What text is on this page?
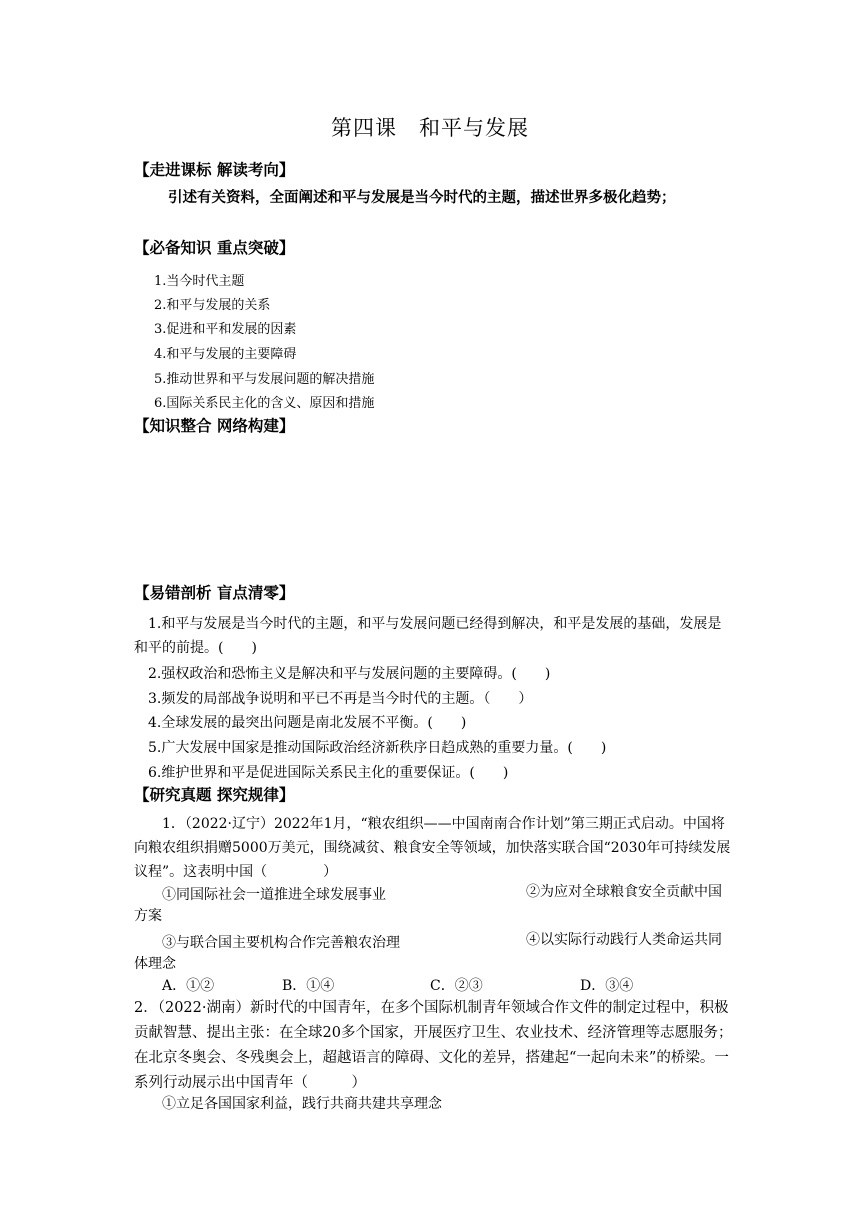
第四课　和平与发展
【走进课标 解读考向】
引述有关资料，全面阐述和平与发展是当今时代的主题，描述世界多极化趋势；
【必备知识 重点突破】
1.当今时代主题
2.和平与发展的关系
3.促进和平和发展的因素
4.和平与发展的主要障碍
5.推动世界和平与发展问题的解决措施
6.国际关系民主化的含义、原因和措施
【知识整合 网络构建】
【易错剖析 盲点清零】
1.和平与发展是当今时代的主题，和平与发展问题已经得到解决，和平是发展的基础，发展是和平的前提。(　　)
2.强权政治和恐怖主义是解决和平与发展问题的主要障碍。(　　)
3.频发的局部战争说明和平已不再是当今时代的主题。（　　）
4.全球发展的最突出问题是南北发展不平衡。(　　)
5.广大发展中国家是推动国际政治经济新秩序日趋成熟的重要力量。(　　)
6.维护世界和平是促进国际关系民主化的重要保证。(　　)
【研究真题 探究规律】
1．（2022·辽宁）2022年1月，“粮农组织——中国南南合作计划”第三期正式启动。中国将向粮农组织捐赠5000万美元，围绕减贫、粮食安全等领域，加快落实联合国“2030年可持续发展议程”。这表明中国（　　　　）
①同国际社会一道推进全球发展事业	②为应对全球粮食安全贡献中国方案
③与联合国主要机构合作完善粮农治理	④以实际行动践行人类命运共同体理念
A．①②	B．①④	C．②③	D．③④
2．（2022·湖南）新时代的中国青年，在多个国际机制青年领域合作文件的制定过程中，积极贡献智慧、提出主张：在全球20多个国家，开展医疗卫生、农业技术、经济管理等志愿服务；在北京冬奥会、冬残奥会上，超越语言的障碍、文化的差异，搭建起“一起向未来”的桥梁。一系列行动展示出中国青年（　　　）
①立足各国国家利益，践行共商共建共享理念
